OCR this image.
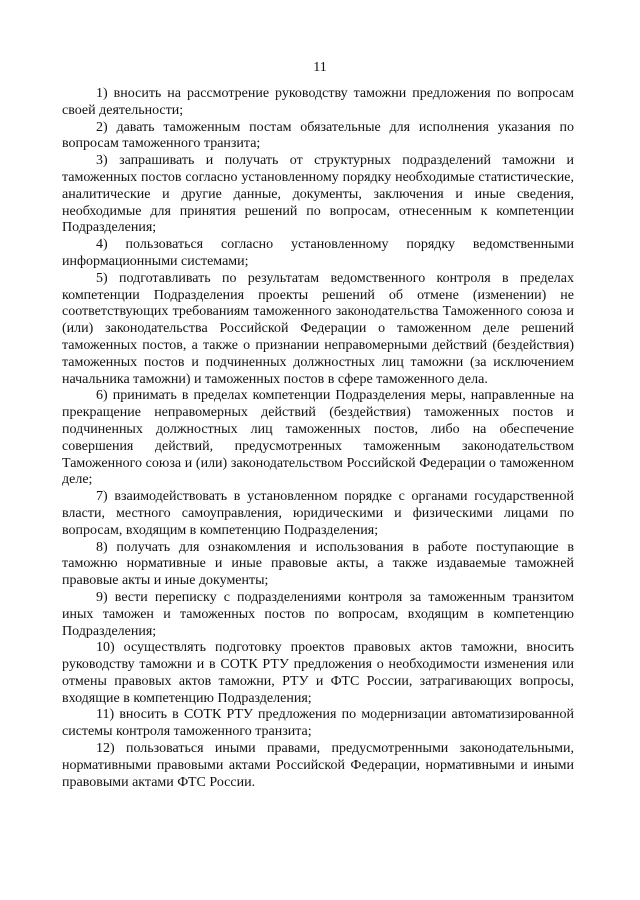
11

1) вносить на рассмотрение руководству таможни предложения по вопросам своей деятельности;

2) давать таможенным постам обязательные для исполнения указания по вопросам таможенного транзита;

3) запрашивать и получать от структурных подразделений таможни и таможенных постов согласно установленному порядку необходимые статистические, аналитические и другие данные, документы, заключения и иные сведения, необходимые для принятия решений по вопросам, отнесенным к компетенции Подразделения;

4) пользоваться согласно установленному порядку ведомственными информационными системами;

5) подготавливать по результатам ведомственного контроля в пределах компетенции Подразделения проекты решений об отмене (изменении) не соответствующих требованиям таможенного законодательства Таможенного союза и (или) законодательства Российской Федерации о таможенном деле решений таможенных постов, а также о признании неправомерными действий (бездействия) таможенных постов и подчиненных должностных лиц таможни (за исключением начальника таможни) и таможенных постов в сфере таможенного дела.

6) принимать в пределах компетенции Подразделения меры, направленные на прекращение неправомерных действий (бездействия) таможенных постов и подчиненных должностных лиц таможенных постов, либо на обеспечение совершения действий, предусмотренных таможенным законодательством Таможенного союза и (или) законодательством Российской Федерации о таможенном деле;

7) взаимодействовать в установленном порядке с органами государственной власти, местного самоуправления, юридическими и физическими лицами по вопросам, входящим в компетенцию Подразделения;

8) получать для ознакомления и использования в работе поступающие в таможню нормативные и иные правовые акты, а также издаваемые таможней правовые акты и иные документы;

9) вести переписку с подразделениями контроля за таможенным транзитом иных таможен и таможенных постов по вопросам, входящим в компетенцию Подразделения;

10) осуществлять подготовку проектов правовых актов таможни, вносить руководству таможни и в СОТК РТУ предложения о необходимости изменения или отмены правовых актов таможни, РТУ и ФТС России, затрагивающих вопросы, входящие в компетенцию Подразделения;

11) вносить в СОТК РТУ предложения по модернизации автоматизированной системы контроля таможенного транзита;

12) пользоваться иными правами, предусмотренными законодательными, нормативными правовыми актами Российской Федерации, нормативными и иными правовыми актами ФТС России.
